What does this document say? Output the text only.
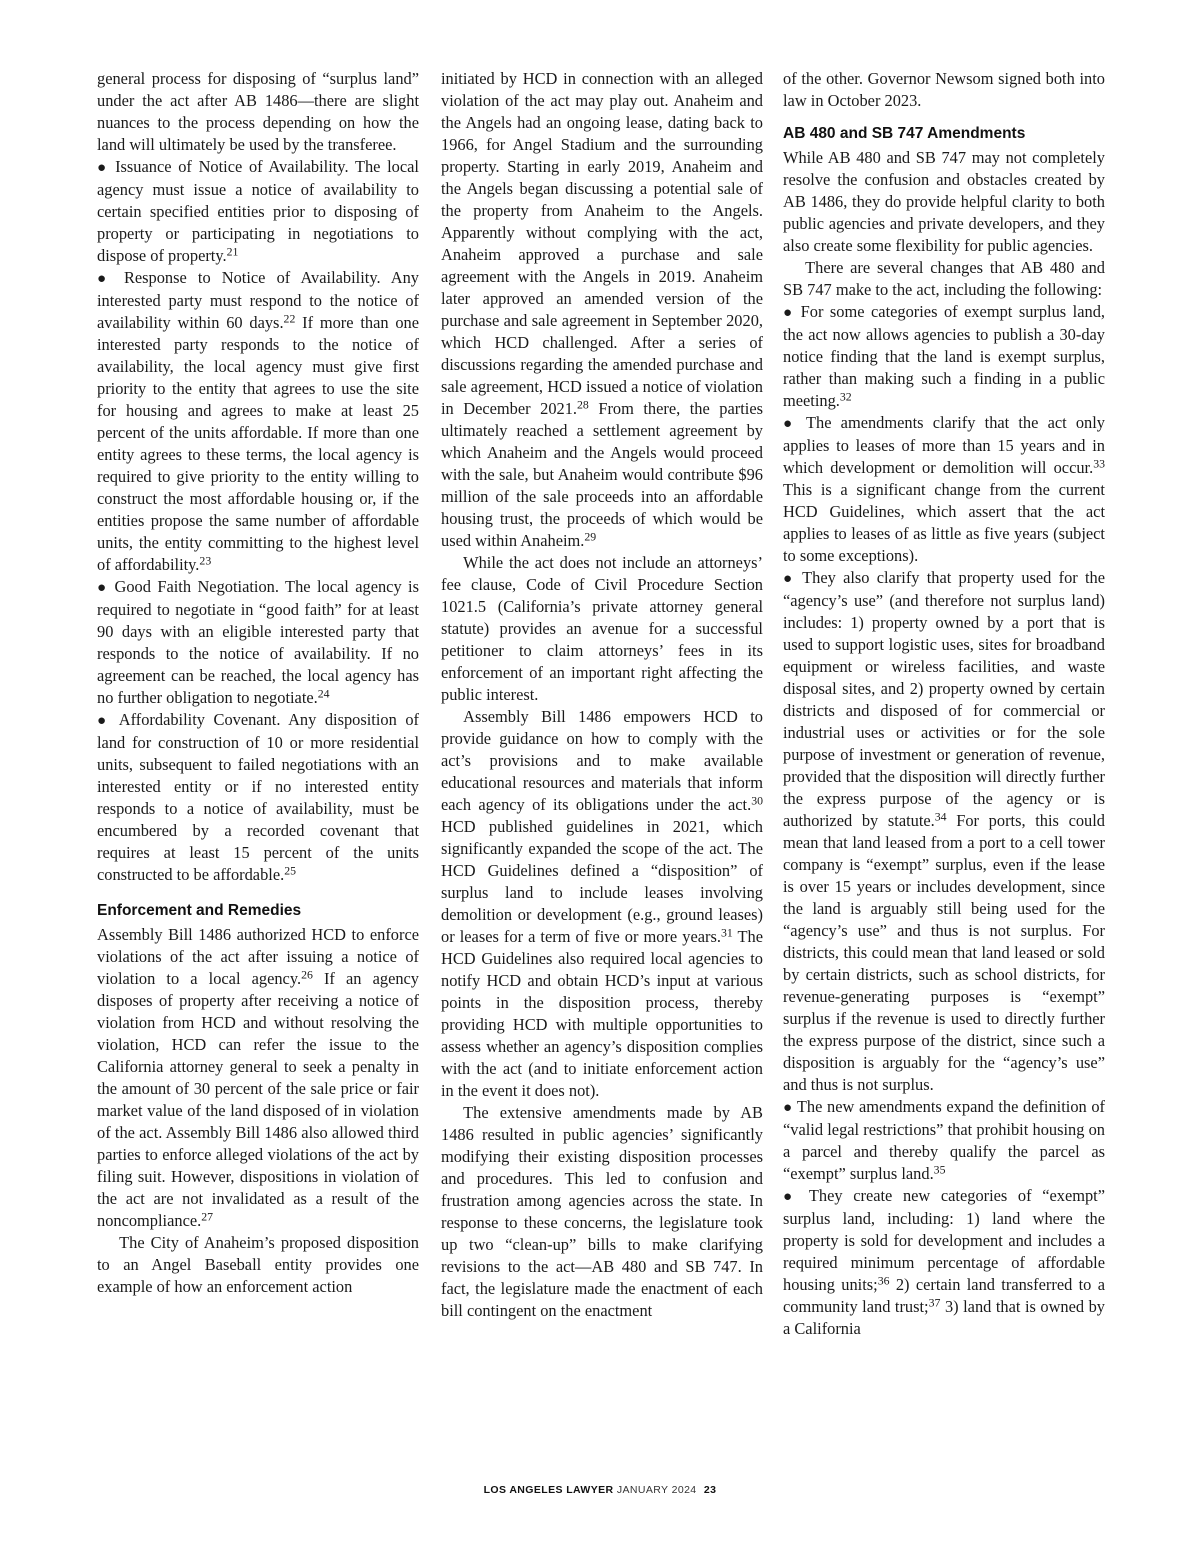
general process for disposing of “surplus land” under the act after AB 1486—there are slight nuances to the process depending on how the land will ultimately be used by the transferee.

● Issuance of Notice of Availability. The local agency must issue a notice of availability to certain specified entities prior to disposing of property or participating in negotiations to dispose of property.$^{21}$

● Response to Notice of Availability. Any interested party must respond to the notice of availability within 60 days.$^{22}$ If more than one interested party responds to the notice of availability, the local agency must give first priority to the entity that agrees to use the site for housing and agrees to make at least 25 percent of the units affordable. If more than one entity agrees to these terms, the local agency is required to give priority to the entity willing to construct the most affordable housing or, if the entities propose the same number of affordable units, the entity committing to the highest level of affordability.$^{23}$

● Good Faith Negotiation. The local agency is required to negotiate in “good faith” for at least 90 days with an eligible interested party that responds to the notice of availability. If no agreement can be reached, the local agency has no further obligation to negotiate.$^{24}$

● Affordability Covenant. Any disposition of land for construction of 10 or more residential units, subsequent to failed negotiations with an interested entity or if no interested entity responds to a notice of availability, must be encumbered by a recorded covenant that requires at least 15 percent of the units constructed to be affordable.$^{25}$

Enforcement and Remedies

Assembly Bill 1486 authorized HCD to enforce violations of the act after issuing a notice of violation to a local agency.$^{26}$ If an agency disposes of property after receiving a notice of violation from HCD and without resolving the violation, HCD can refer the issue to the California attorney general to seek a penalty in the amount of 30 percent of the sale price or fair market value of the land disposed of in violation of the act. Assembly Bill 1486 also allowed third parties to enforce alleged violations of the act by filing suit. However, dispositions in violation of the act are not invalidated as a result of the noncompliance.$^{27}$

The City of Anaheim’s proposed disposition to an Angel Baseball entity provides one example of how an enforcement action

initiated by HCD in connection with an alleged violation of the act may play out. Anaheim and the Angels had an ongoing lease, dating back to 1966, for Angel Stadium and the surrounding property. Starting in early 2019, Anaheim and the Angels began discussing a potential sale of the property from Anaheim to the Angels. Apparently without complying with the act, Anaheim approved a purchase and sale agreement with the Angels in 2019. Anaheim later approved an amended version of the purchase and sale agreement in September 2020, which HCD challenged. After a series of discussions regarding the amended purchase and sale agreement, HCD issued a notice of violation in December 2021.28 From there, the parties ultimately reached a settlement agreement by which Anaheim and the Angels would proceed with the sale, but Anaheim would contribute $96 million of the sale proceeds into an affordable housing trust, the proceeds of which would be used within Anaheim.$^{29}$

While the act does not include an attorneys’ fee clause, Code of Civil Procedure Section 1021.5 (California’s private attorney general statute) provides an avenue for a successful petitioner to claim attorneys’ fees in its enforcement of an important right affecting the public interest.

Assembly Bill 1486 empowers HCD to provide guidance on how to comply with the act’s provisions and to make available educational resources and materials that inform each agency of its obligations under the act.$^{30}$ HCD published guidelines in 2021, which significantly expanded the scope of the act. The HCD Guidelines defined a “disposition” of surplus land to include leases involving demolition or development (e.g., ground leases) or leases for a term of five or more years.$^{31}$ The HCD Guidelines also required local agencies to notify HCD and obtain HCD’s input at various points in the disposition process, thereby providing HCD with multiple opportunities to assess whether an agency’s disposition complies with the act (and to initiate enforcement action in the event it does not).

The extensive amendments made by AB 1486 resulted in public agencies’ significantly modifying their existing disposition processes and procedures. This led to confusion and frustration among agencies across the state. In response to these concerns, the legislature took up two “clean-up” bills to make clarifying revisions to the act—AB 480 and SB 747. In fact, the legislature made the enactment of each bill contingent on the enactment

of the other. Governor Newsom signed both into law in October 2023.

AB 480 and SB 747 Amendments

While AB 480 and SB 747 may not completely resolve the confusion and obstacles created by AB 1486, they do provide helpful clarity to both public agencies and private developers, and they also create some flexibility for public agencies.

There are several changes that AB 480 and SB 747 make to the act, including the following:

● For some categories of exempt surplus land, the act now allows agencies to publish a 30-day notice finding that the land is exempt surplus, rather than making such a finding in a public meeting.$^{32}$

● The amendments clarify that the act only applies to leases of more than 15 years and in which development or demolition will occur.$^{33}$ This is a significant change from the current HCD Guidelines, which assert that the act applies to leases of as little as five years (subject to some exceptions).

● They also clarify that property used for the “agency’s use” (and therefore not surplus land) includes: 1) property owned by a port that is used to support logistic uses, sites for broadband equipment or wireless facilities, and waste disposal sites, and 2) property owned by certain districts and disposed of for commercial or industrial uses or activities or for the sole purpose of investment or generation of revenue, provided that the disposition will directly further the express purpose of the agency or is authorized by statute.$^{34}$ For ports, this could mean that land leased from a port to a cell tower company is “exempt” surplus, even if the lease is over 15 years or includes development, since the land is arguably still being used for the “agency’s use” and thus is not surplus. For districts, this could mean that land leased or sold by certain districts, such as school districts, for revenue-generating purposes is “exempt” surplus if the revenue is used to directly further the express purpose of the district, since such a disposition is arguably for the “agency’s use” and thus is not surplus.

● The new amendments expand the definition of “valid legal restrictions” that prohibit housing on a parcel and thereby qualify the parcel as “exempt” surplus land.$^{35}$

● They create new categories of “exempt” surplus land, including: 1) land where the property is sold for development and includes a required minimum percentage of affordable housing units;$^{36}$ 2) certain land transferred to a community land trust;$^{37}$ 3) land that is owned by a California

LOS ANGELES LAWYER JANUARY 2024 23
